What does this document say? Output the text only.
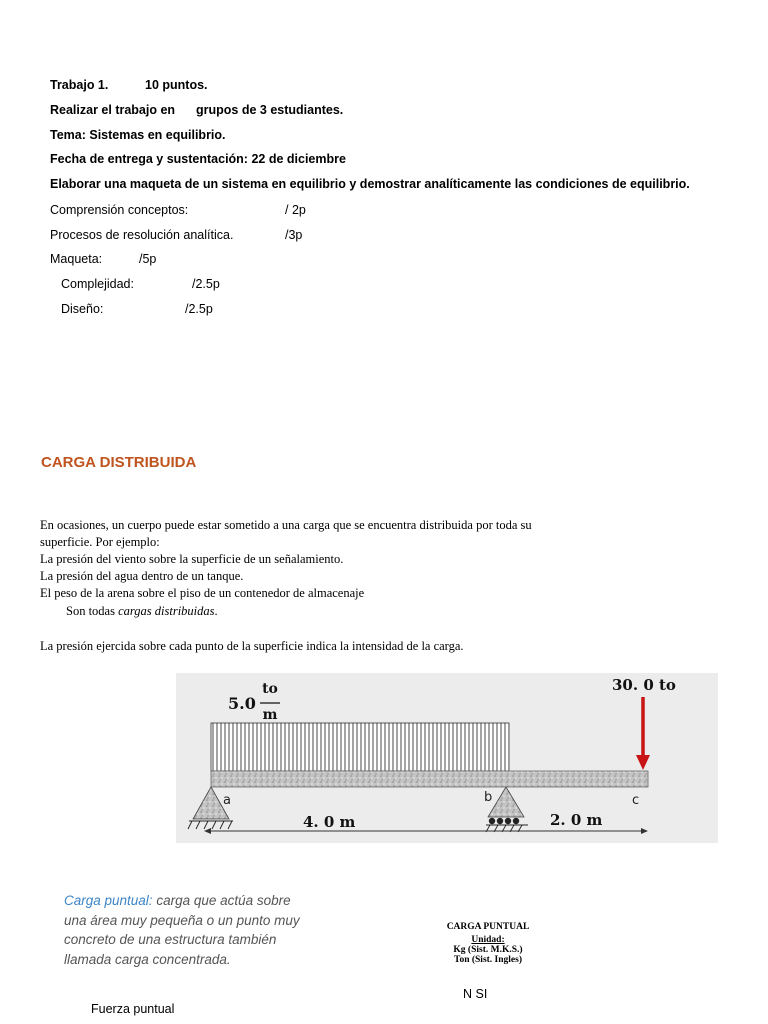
Trabajo 1.	10 puntos.
Realizar el trabajo en grupos de 3 estudiantes.
Tema: Sistemas en equilibrio.
Fecha de entrega y sustentación: 22 de diciembre
Elaborar una maqueta de un sistema en equilibrio y demostrar analíticamente las condiciones de equilibrio.
Comprensión conceptos:	/ 2p
Procesos de resolución analítica.	/3p
Maqueta:	/5p
Complejidad:	/2.5p
Diseño:	/2.5p
CARGA DISTRIBUIDA
En ocasiones, un cuerpo puede estar sometido a una carga que se encuentra distribuida por toda su
superficie. Por ejemplo:
La presión del viento sobre la superficie de un señalamiento.
La presión del agua dentro de un tanque.
El peso de la arena sobre el piso de un contenedor de almacenaje
Son todas cargas distribuidas.
La presión ejercida sobre cada punto de la superficie indica la intensidad de la carga.
5.0
to
m
30. 0 to
a	b	c
4. 0 m	2. 0 m
Carga puntual: carga que actúa sobre
una área muy pequeña o un punto muy
concreto de una estructura también
llamada carga concentrada.
CARGA PUNTUAL
Unidad:
Kg (Sist. M.K.S.)
Ton (Sist. Ingles)
N SI
Fuerza puntual
